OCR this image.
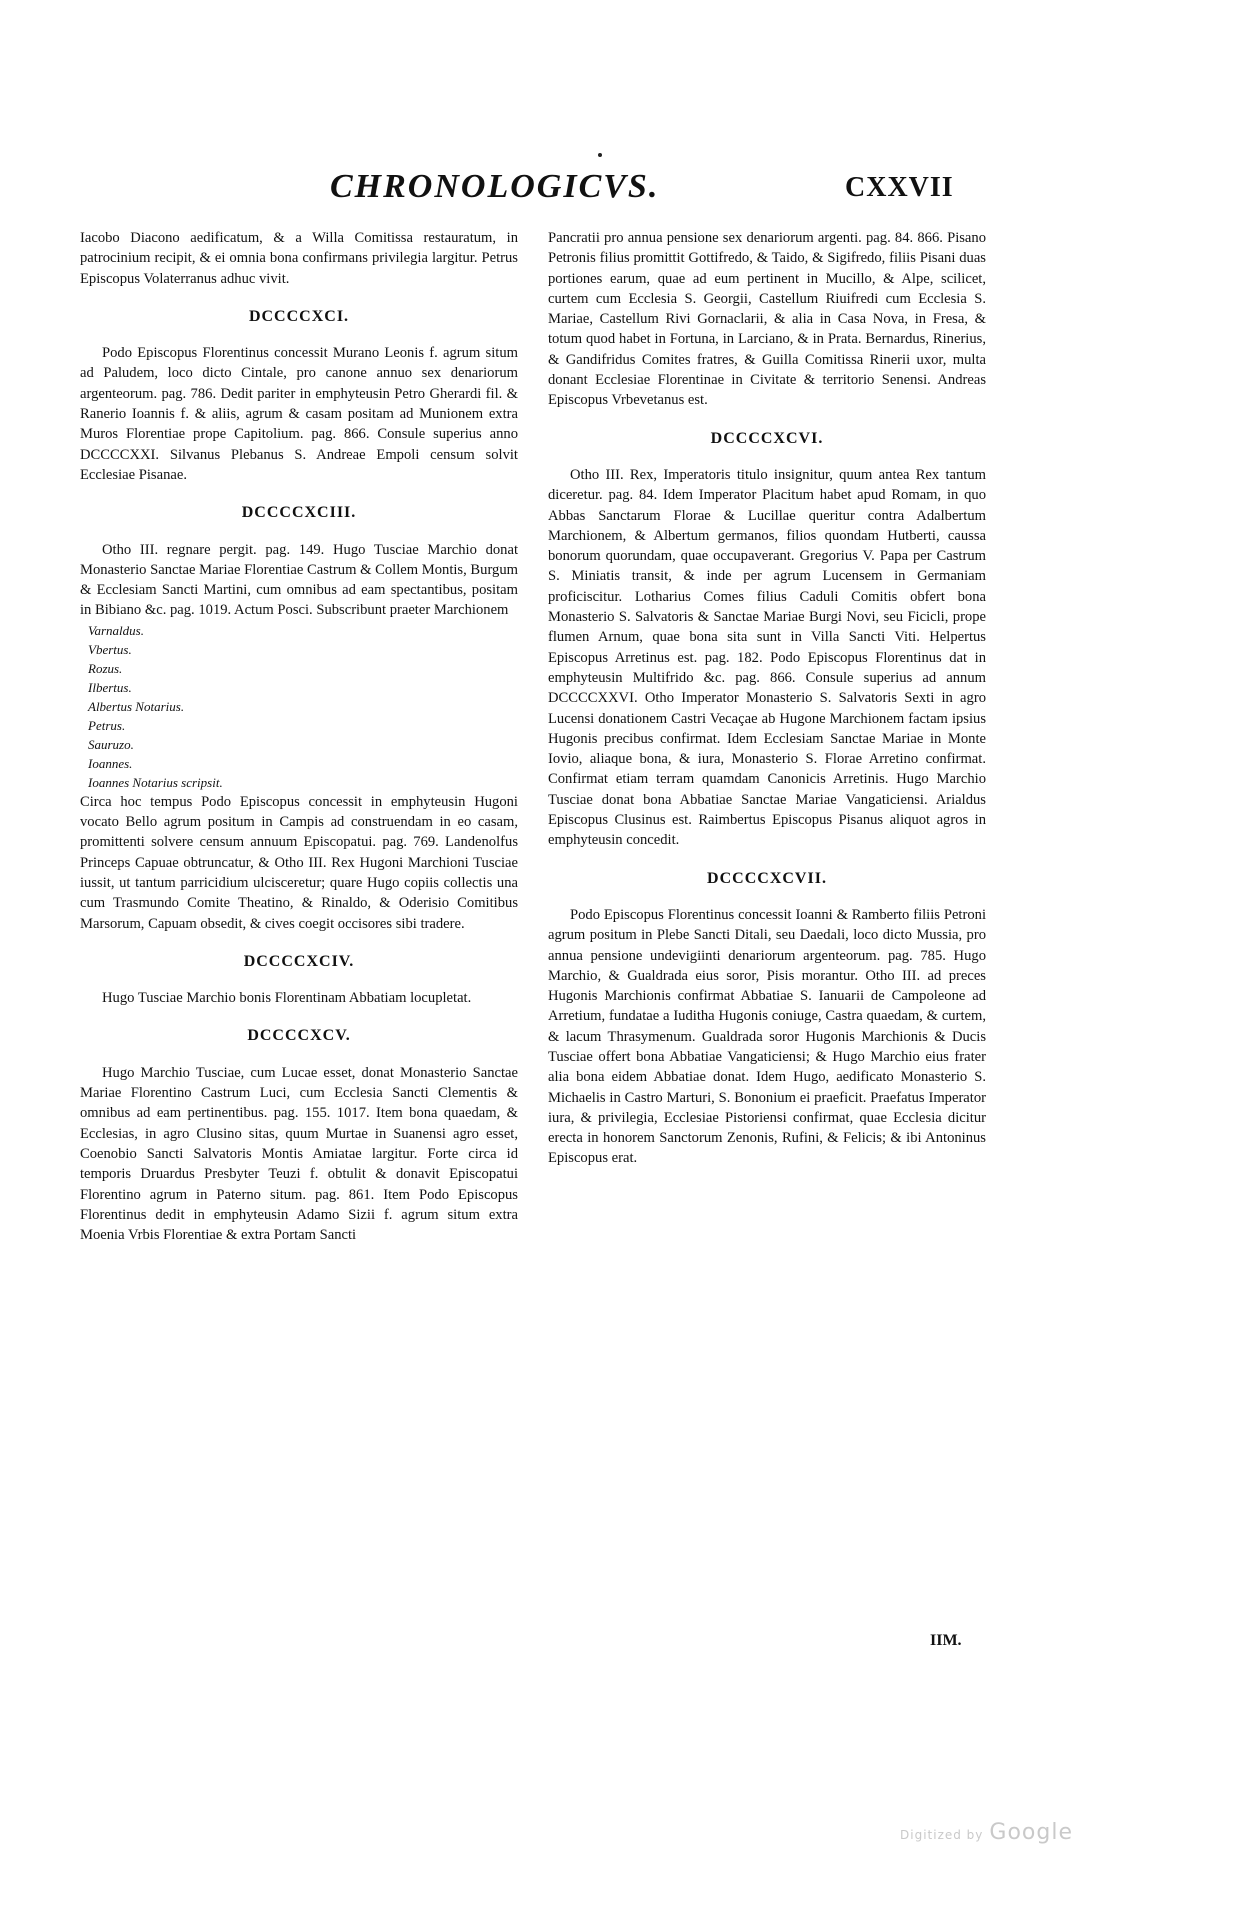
CHRONOLOGICVS.	CXXVII
Iacobo Diacono aedificatum, & a Willa Comitissa restauratum, in patrocinium recipit, & ei omnia bona confirmans privilegia largitur. Petrus Episcopus Volaterranus adhuc vivit.
DCCCCXCI.
Podo Episcopus Florentinus concessit Murano Leonis f. agrum situm ad Paludem, loco dicto Cintale, pro canone annuo sex denariorum argenteorum. pag. 786. Dedit pariter in emphyteusin Petro Gherardi fil. & Ranerio Ioannis f. & aliis, agrum & casam positam ad Munionem extra Muros Florentiae prope Capitolium. pag. 866. Consule superius anno DCCCCXXI. Silvanus Plebanus S. Andreae Empoli censum solvit Ecclesiae Pisanae.
DCCCCXCIII.
Otho III. regnare pergit. pag. 149. Hugo Tusciae Marchio donat Monasterio Sanctae Mariae Florentiae Castrum & Collem Montis, Burgum & Ecclesiam Sancti Martini, cum omnibus ad eam spectantibus, positam in Bibiano &c. pag. 1019. Actum Posci. Subscribunt praeter Marchionem
Varnaldus.
Vbertus.
Rozus.
Ilbertus.
Albertus Notarius.
Petrus.
Sauruzo.
Ioannes.
Ioannes Notarius scripsit.
Circa hoc tempus Podo Episcopus concessit in emphyteusin Hugoni vocato Bello agrum positum in Campis ad construendam in eo casam, promittenti solvere censum annuum Episcopatui. pag. 769. Landenolfus Princeps Capuae obtruncatur, & Otho III. Rex Hugoni Marchioni Tusciae iussit, ut tantum parricidium ulcisceretur; quare Hugo copiis collectis una cum Trasmundo Comite Theatino, & Rinaldo, & Oderisio Comitibus Marsorum, Capuam obsedit, & cives coegit occisores sibi tradere.
DCCCCXCIV.
Hugo Tusciae Marchio bonis Florentinam Abbatiam locupletat.
DCCCCXCV.
Hugo Marchio Tusciae, cum Lucae esset, donat Monasterio Sanctae Mariae Florentino Castrum Luci, cum Ecclesia Sancti Clementis & omnibus ad eam pertinentibus. pag. 155. 1017. Item bona quaedam, & Ecclesias, in agro Clusino sitas, quum Murtae in Suanensi agro esset, Coenobio Sancti Salvatoris Montis Amiatae largitur. Forte circa id temporis Druardus Presbyter Teuzi f. obtulit & donavit Episcopatui Florentino agrum in Paterno situm. pag. 861. Item Podo Episcopus Florentinus dedit in emphyteusin Adamo Sizii f. agrum situm extra Moenia Vrbis Florentiae & extra Portam Sancti
Pancratii pro annua pensione sex denariorum argenti. pag. 84. 866. Pisano Petronis filius promittit Gottifredo, & Taido, & Sigifredo, filiis Pisani duas portiones earum, quae ad eum pertinent in Mucillo, & Alpe, scilicet, curtem cum Ecclesia S. Georgii, Castellum Riuifredi cum Ecclesia S. Mariae, Castellum Rivi Gornaclarii, & alia in Casa Nova, in Fresa, & totum quod habet in Fortuna, in Larciano, & in Prata. Bernardus, Rinerius, & Gandifridus Comites fratres, & Guilla Comitissa Rinerii uxor, multa donant Ecclesiae Florentinae in Civitate & territorio Senensi. Andreas Episcopus Vrbevetanus est.
DCCCCXCVI.
Otho III. Rex, Imperatoris titulo insignitur, quum antea Rex tantum diceretur. pag. 84. Idem Imperator Placitum habet apud Romam, in quo Abbas Sanctarum Florae & Lucillae queritur contra Adalbertum Marchionem, & Albertum germanos, filios quondam Hutberti, caussa bonorum quorundam, quae occupaverant. Gregorius V. Papa per Castrum S. Miniatis transit, & inde per agrum Lucensem in Germaniam proficiscitur. Lotharius Comes filius Caduli Comitis obfert bona Monasterio S. Salvatoris & Sanctae Mariae Burgi Novi, seu Ficicli, prope flumen Arnum, quae bona sita sunt in Villa Sancti Viti. Helpertus Episcopus Arretinus est. pag. 182. Podo Episcopus Florentinus dat in emphyteusin Multifrido &c. pag. 866. Consule superius ad annum DCCCCXXVI. Otho Imperator Monasterio S. Salvatoris Sexti in agro Lucensi donationem Castri Vecaçae ab Hugone Marchionem factam ipsius Hugonis precibus confirmat. Idem Ecclesiam Sanctae Mariae in Monte Iovio, aliaque bona, & iura, Monasterio S. Florae Arretino confirmat. Confirmat etiam terram quamdam Canonicis Arretinis. Hugo Marchio Tusciae donat bona Abbatiae Sanctae Mariae Vangaticiensi. Arialdus Episcopus Clusinus est. Raimbertus Episcopus Pisanus aliquot agros in emphyteusin concedit.
DCCCCXCVII.
Podo Episcopus Florentinus concessit Ioanni & Ramberto filiis Petroni agrum positum in Plebe Sancti Ditali, seu Daedali, loco dicto Mussia, pro annua pensione undevigiinti denariorum argenteorum. pag. 785. Hugo Marchio, & Gualdrada eius soror, Pisis morantur. Otho III. ad preces Hugonis Marchionis confirmat Abbatiae S. Ianuarii de Campoleone ad Arretium, fundatae a Iuditha Hugonis coniuge, Castra quaedam, & curtem, & lacum Thrasymenum. Gualdrada soror Hugonis Marchionis & Ducis Tusciae offert bona Abbatiae Vangaticiensi; & Hugo Marchio eius frater alia bona eidem Abbatiae donat. Idem Hugo, aedificato Monasterio S. Michaelis in Castro Marturi, S. Bononium ei praeficit. Praefatus Imperator iura, & privilegia, Ecclesiae Pistoriensi confirmat, quae Ecclesia dicitur erecta in honorem Sanctorum Zenonis, Rufini, & Felicis; & ibi Antoninus Episcopus erat.
IIM.
Digitized by Google
